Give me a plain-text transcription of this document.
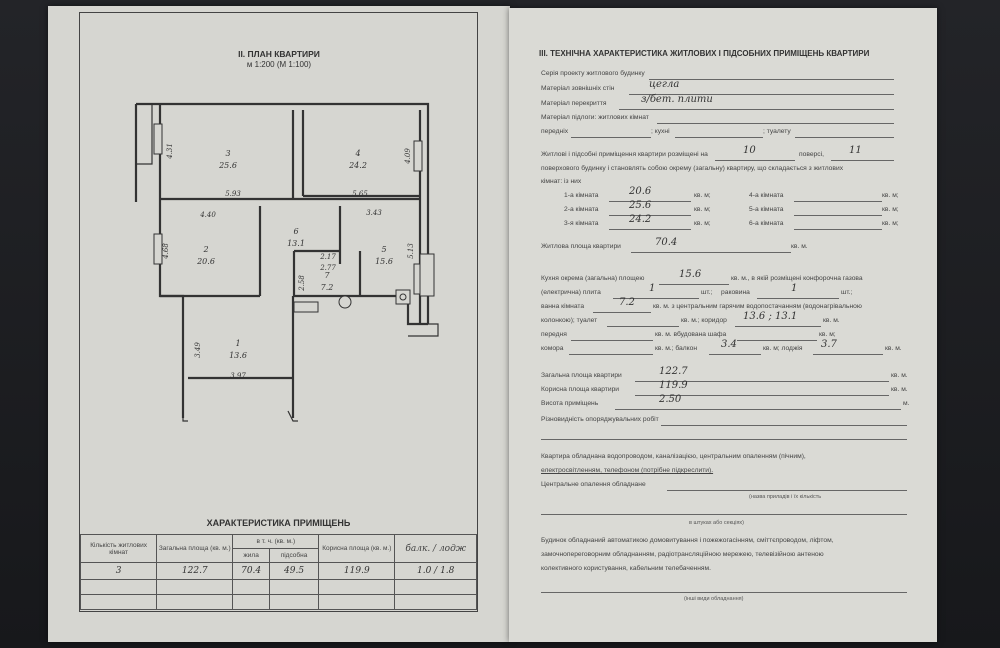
II. ПЛАН КВАРТИРИ
м 1:200 (М 1:100)
3
25.6
4
24.2
6
13.1
2
20.6
7
7.2
5
15.6
1
13.6
5.93	5.65
4.40	3.43
2.17
2.77
3.97
4.31	4.09
4.68	5.13
2.58
3.49
ХАРАКТЕРИСТИКА ПРИМІЩЕНЬ
Кількість житлових кімнат	Загальна площа (кв. м.)	в т. ч. (кв. м.)		Корисна площа (кв. м.)	балк. / лодж
		жила	підсобна		
3	122.7	70.4	49.5	119.9	1.0 / 1.8

III. ТЕХНІЧНА ХАРАКТЕРИСТИКА ЖИТЛОВИХ І ПІДСОБНИХ ПРИМІЩЕНЬ КВАРТИРИ
Серія проекту житлового будинку
Матеріал зовнішніх стін	цегла
Матеріал перекриття	з/бет. плити
Матеріал підлоги: житлових кімнат
передніх	; кухні	; туалету
Житлові і підсобні приміщення квартири розміщені на	10	поверсі,	11
поверхового будинку і становлять собою окрему (загальну) квартиру, що складається з житлових
кімнат: із них
1-а кімната	20.6	кв. м;	4-а кімната	кв. м;
2-а кімната	25.6	кв. м;	5-а кімната	кв. м;
3-я кімната	24.2	кв. м;	6-а кімната	кв. м;
Житлова площа квартири	70.4	кв. м.
Кухня окрема (загальна) площею	15.6	кв. м., в якій розміщені конфорочна газова
(електрична) плита	1	шт.; раковина	1	шт.;
ванна кімната	7.2	кв. м. з центральним гарячим водопостачанням (водонагрівальною
колонкою); туалет	кв. м.; коридор 13.6 ; 13.1	кв. м.
передня	кв. м. вбудована шафа	кв. м;
комора	кв. м.; балкон 3.4	кв. м; лоджія 3.7	кв. м.
Загальна площа квартири	122.7	кв. м.
Корисна площа квартири	119.9	кв. м.
Висота приміщень	2.50	м.
Різновидність опоряджувальних робіт
Квартира обладнана водопроводом, каналізацією, центральним опаленням (пічним),
електросвітленням, телефоном (потрібне підкреслити).
Центральне опалення обладнане
(назва приладів і їх кількість
в штуках або секціях)
Будинок обладнаний автоматикою домовитування і пожежогасінням, сміттєпроводом, ліфтом,
замочнопереговорним обладнанням, радіотрансляційною мережею, телевізійною антеною
колективного користування, кабельним телебаченням.
(інші види обладнання)
